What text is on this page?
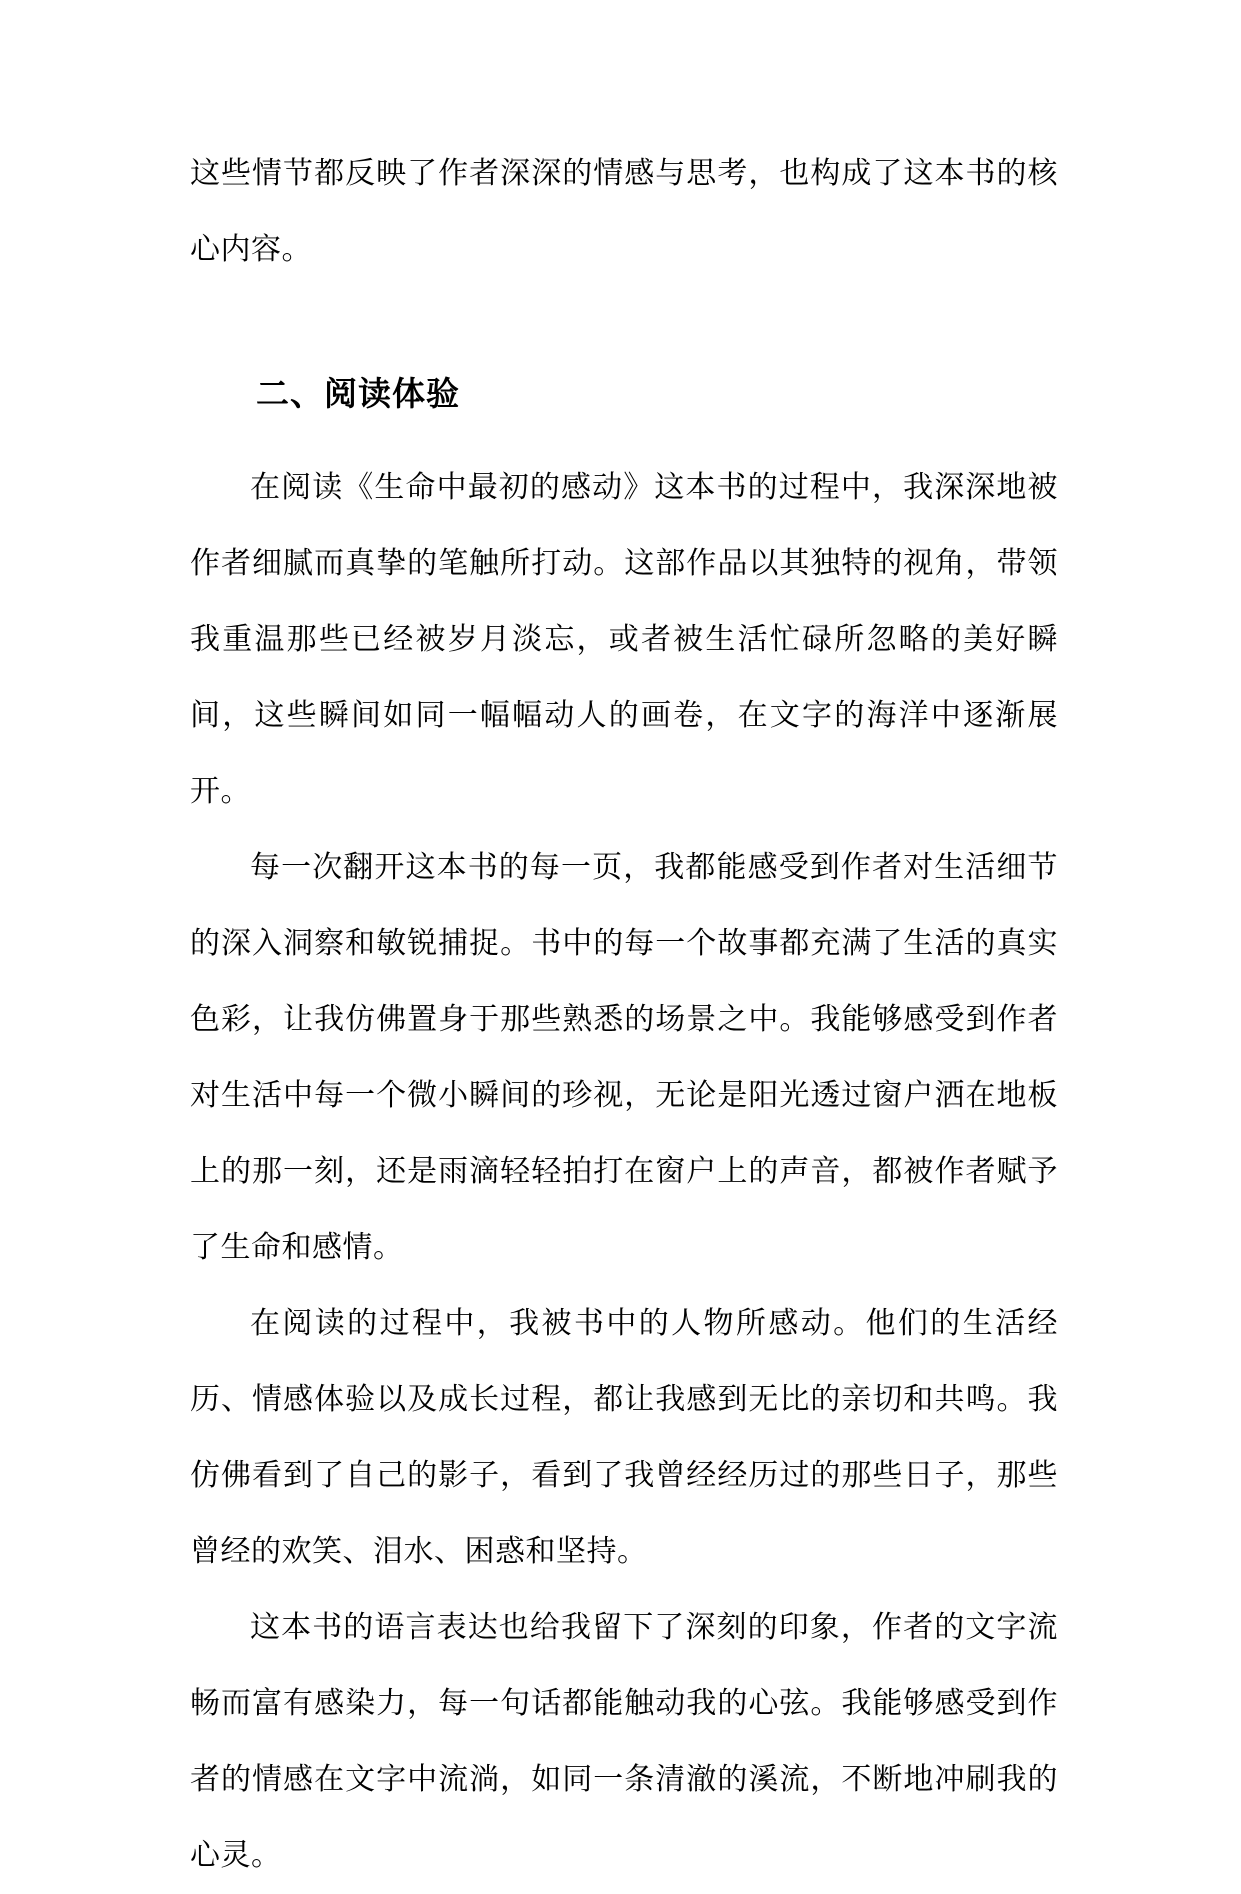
这些情节都反映了作者深深的情感与思考，也构成了这本书的核心内容。

二、阅读体验

在阅读《生命中最初的感动》这本书的过程中，我深深地被作者细腻而真挚的笔触所打动。这部作品以其独特的视角，带领我重温那些已经被岁月淡忘，或者被生活忙碌所忽略的美好瞬间，这些瞬间如同一幅幅动人的画卷，在文字的海洋中逐渐展开。

每一次翻开这本书的每一页，我都能感受到作者对生活细节的深入洞察和敏锐捕捉。书中的每一个故事都充满了生活的真实色彩，让我仿佛置身于那些熟悉的场景之中。我能够感受到作者对生活中每一个微小瞬间的珍视，无论是阳光透过窗户洒在地板上的那一刻，还是雨滴轻轻拍打在窗户上的声音，都被作者赋予了生命和感情。

在阅读的过程中，我被书中的人物所感动。他们的生活经历、情感体验以及成长过程，都让我感到无比的亲切和共鸣。我仿佛看到了自己的影子，看到了我曾经经历过的那些日子，那些曾经的欢笑、泪水、困惑和坚持。

这本书的语言表达也给我留下了深刻的印象，作者的文字流畅而富有感染力，每一句话都能触动我的心弦。我能够感受到作者的情感在文字中流淌，如同一条清澈的溪流，不断地冲刷我的心灵。
